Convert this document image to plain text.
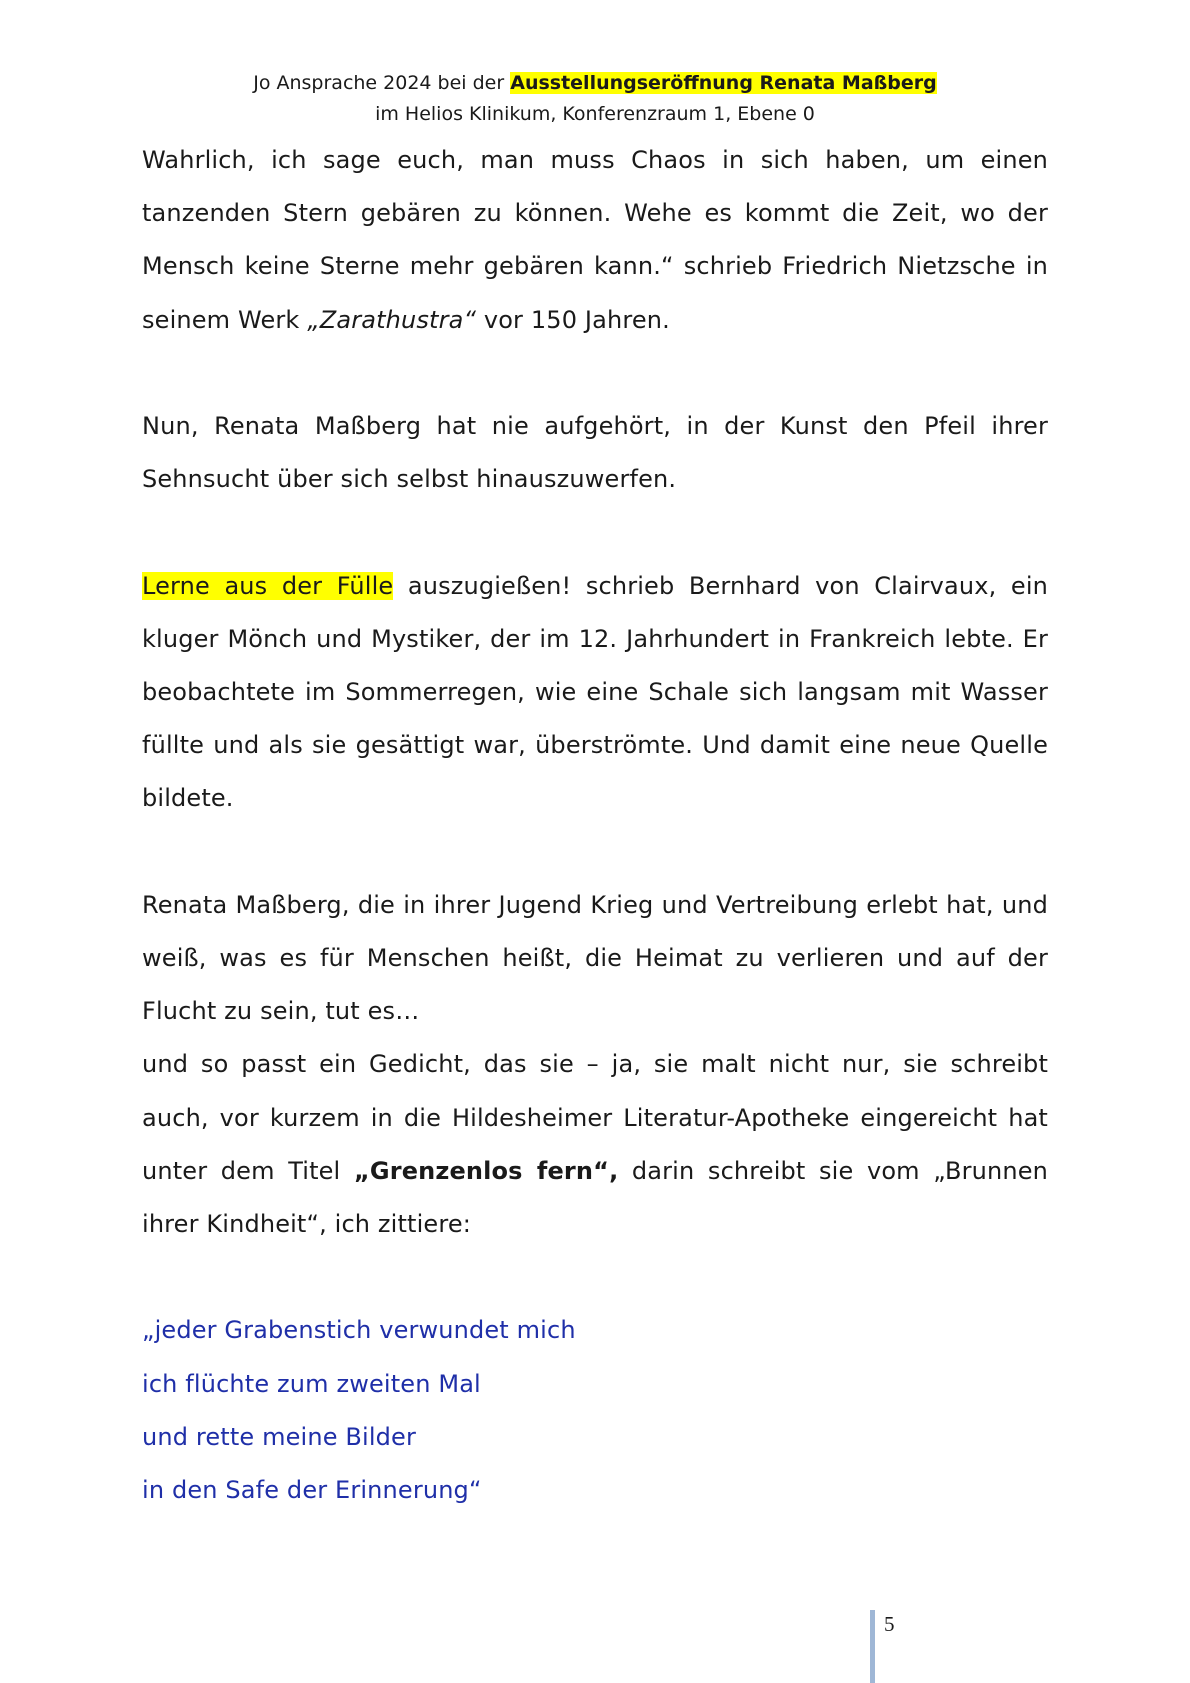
Jo Ansprache 2024 bei der Ausstellungseröffnung Renata Maßberg
im Helios Klinikum, Konferenzraum 1, Ebene 0

Wahrlich, ich sage euch, man muss Chaos in sich haben, um einen tanzenden Stern gebären zu können. Wehe es kommt die Zeit, wo der Mensch keine Sterne mehr gebären kann.“ schrieb Friedrich Nietzsche in seinem Werk „Zarathustra“ vor 150 Jahren.

Nun, Renata Maßberg hat nie aufgehört, in der Kunst den Pfeil ihrer Sehnsucht über sich selbst hinauszuwerfen.

Lerne aus der Fülle auszugießen! schrieb Bernhard von Clairvaux, ein kluger Mönch und Mystiker, der im 12. Jahrhundert in Frankreich lebte. Er beobachtete im Sommerregen, wie eine Schale sich langsam mit Wasser füllte und als sie gesättigt war, überströmte. Und damit eine neue Quelle bildete.

Renata Maßberg, die in ihrer Jugend Krieg und Vertreibung erlebt hat, und weiß, was es für Menschen heißt, die Heimat zu verlieren und auf der Flucht zu sein, tut es…

und so passt ein Gedicht, das sie – ja, sie malt nicht nur, sie schreibt auch, vor kurzem in die Hildesheimer Literatur-Apotheke eingereicht hat unter dem Titel „Grenzenlos fern“, darin schreibt sie vom „Brunnen ihrer Kindheit“, ich zittiere:

„jeder Grabenstich verwundet mich

ich flüchte zum zweiten Mal

und rette meine Bilder

in den Safe der Erinnerung“

5
